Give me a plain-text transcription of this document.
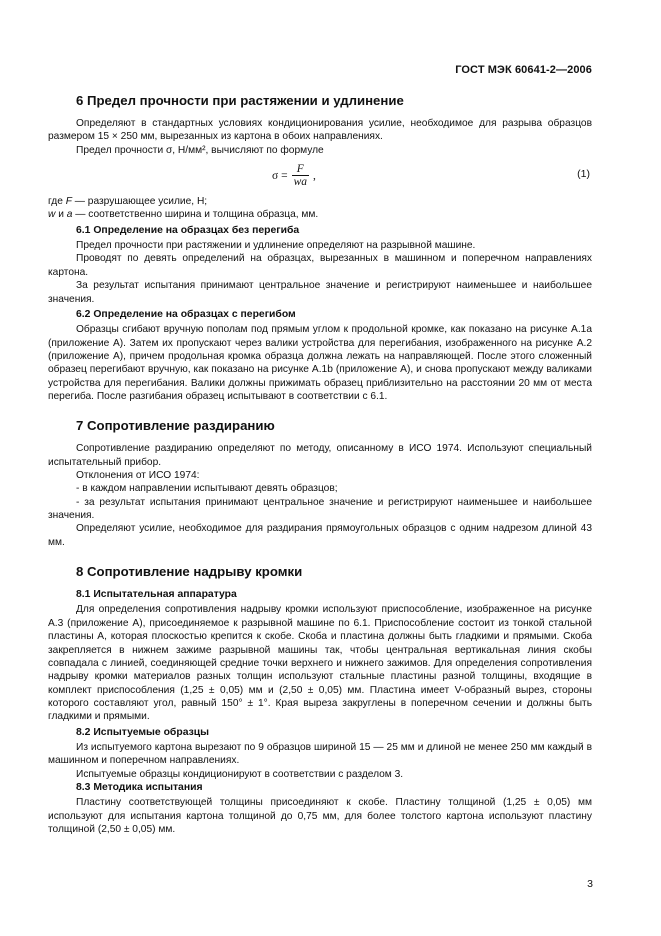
ГОСТ МЭК 60641-2—2006
6 Предел прочности при растяжении и удлинение

Определяют в стандартных условиях кондиционирования усилие, необходимое для разрыва образцов размером 15 × 250 мм, вырезанных из картона в обоих направлениях.

Предел прочности σ, Н/мм², вычисляют по формуле

$\sigma = \frac{F}{wa}$ ,	(1)

где F — разрушающее усилие, Н;

w и a — соответственно ширина и толщина образца, мм.

6.1 Определение на образцах без перегиба

Предел прочности при растяжении и удлинение определяют на разрывной машине.

Проводят по девять определений на образцах, вырезанных в машинном и поперечном направлениях картона.

За результат испытания принимают центральное значение и регистрируют наименьшее и наибольшее значения.

6.2 Определение на образцах с перегибом

Образцы сгибают вручную пополам под прямым углом к продольной кромке, как показано на рисунке А.1а (приложение А). Затем их пропускают через валики устройства для перегибания, изображенного на рисунке А.2 (приложение А), причем продольная кромка образца должна лежать на направляющей. После этого сложенный образец перегибают вручную, как показано на рисунке А.1b (приложение А), и снова пропускают между валиками устройства для перегибания. Валики должны прижимать образец приблизительно на расстоянии 20 мм от места перегиба. После разгибания образец испытывают в соответствии с 6.1.

7 Сопротивление раздиранию

Сопротивление раздиранию определяют по методу, описанному в ИСО 1974. Используют специальный испытательный прибор.

Отклонения от ИСО 1974:

- в каждом направлении испытывают девять образцов;

- за результат испытания принимают центральное значение и регистрируют наименьшее и наибольшее значения.

Определяют усилие, необходимое для раздирания прямоугольных образцов с одним надрезом длиной 43 мм.

8 Сопротивление надрыву кромки
8.1 Испытательная аппаратура

Для определения сопротивления надрыву кромки используют приспособление, изображенное на рисунке А.3 (приложение А), присоединяемое к разрывной машине по 6.1. Приспособление состоит из тонкой стальной пластины А, которая плоскостью крепится к скобе. Скоба и пластина должны быть гладкими и прямыми. Скоба закрепляется в нижнем зажиме разрывной машины так, чтобы центральная вертикальная линия скобы совпадала с линией, соединяющей средние точки верхнего и нижнего зажимов. Для определения сопротивления надрыву кромки материалов разных толщин используют стальные пластины разной толщины, входящие в комплект приспособления (1,25 ± 0,05) мм и (2,50 ± 0,05) мм. Пластина имеет V-образный вырез, стороны которого составляют угол, равный 150° ± 1°. Края выреза закруглены в поперечном сечении и должны быть гладкими и прямыми.

8.2 Испытуемые образцы

Из испытуемого картона вырезают по 9 образцов шириной 15 — 25 мм и длиной не менее 250 мм каждый в машинном и поперечном направлениях.

Испытуемые образцы кондиционируют в соответствии с разделом 3.

8.3 Методика испытания

Пластину соответствующей толщины присоединяют к скобе. Пластину толщиной (1,25 ± 0,05) мм используют для испытания картона толщиной до 0,75 мм, для более толстого картона используют пластину толщиной (2,50 ± 0,05) мм.

3
